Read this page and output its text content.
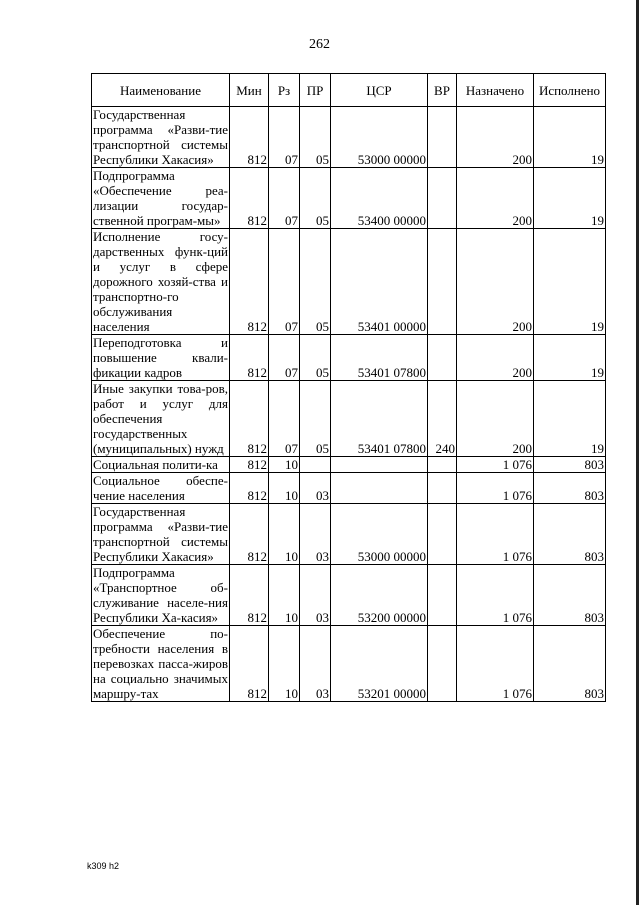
262
Наименование	Мин	Рз	ПР	ЦСР	ВР	Назначено	Исполнено
Государственная программа «Разви-тие транспортной системы Республики Хакасия»	812	07	05	53000 00000		200	19
Подпрограмма «Обеспечение реа-лизации государ-ственной програм-мы»	812	07	05	53400 00000		200	19
Исполнение госу-дарственных функ-ций и услуг в сфере дорожного хозяй-ства и транспортно-го обслуживания населения	812	07	05	53401 00000		200	19
Переподготовка и повышение квали-фикации кадров	812	07	05	53401 07800		200	19
Иные закупки това-ров, работ и услуг для обеспечения государственных (муниципальных) нужд	812	07	05	53401 07800	240	200	19
Социальная полити-ка	812	10				1 076	803
Социальное обеспе-чение населения	812	10	03			1 076	803
Государственная программа «Разви-тие транспортной системы Республики Хакасия»	812	10	03	53000 00000		1 076	803
Подпрограмма «Транспортное об-служивание населе-ния Республики Ха-касия»	812	10	03	53200 00000		1 076	803
Обеспечение по-требности населения в перевозках пасса-жиров на социально значимых маршру-тах	812	10	03	53201 00000		1 076	803
k309 h2
